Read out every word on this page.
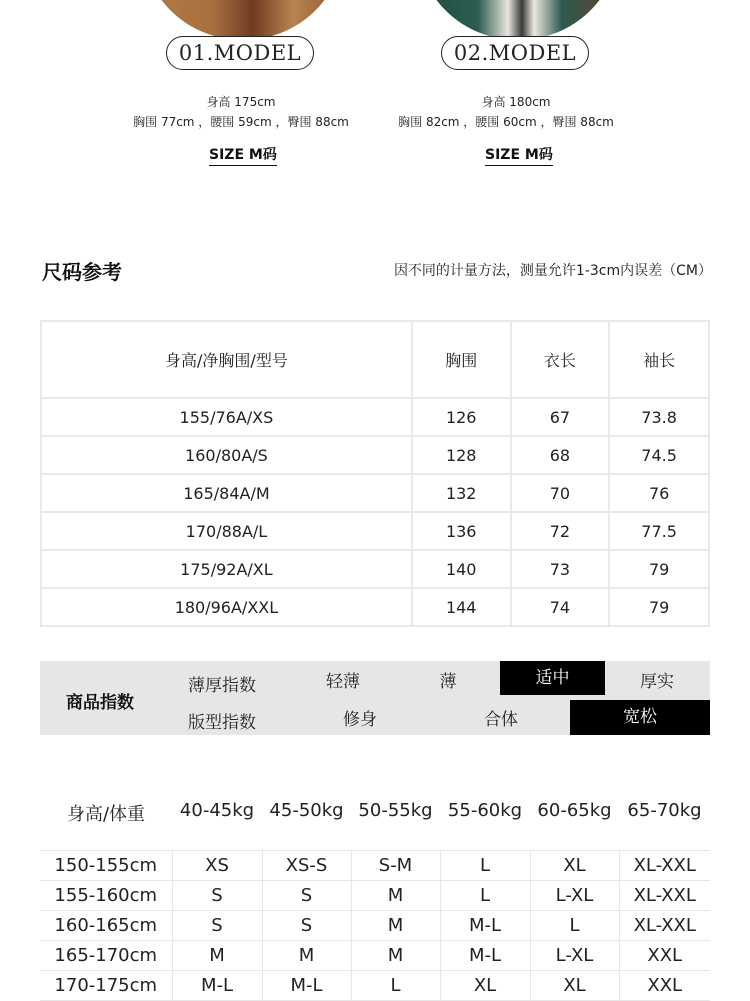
01.MODEL	02.MODEL
身高 175cm
胸围 77cm ，腰围 59cm ，臀围 88cm
身高 180cm
胸围 82cm ，腰围 60cm ，臀围 88cm
SIZE M码	SIZE M码
尺码参考	因不同的计量方法，测量允许1-3cm内误差（CM）
身高/净胸围/型号	胸围	衣长	袖长
155/76A/XS	126	67	73.8
160/80A/S	128	68	74.5
165/84A/M	132	70	76
170/88A/L	136	72	77.5
175/92A/XL	140	73	79
180/96A/XXL	144	74	79
商品指数
薄厚指数	轻薄	薄	适中	厚实
版型指数	修身	合体	宽松
身高/体重	40-45kg 45-50kg 50-55kg 55-60kg 60-65kg 65-70kg
150-155cm	XS	XS-S	S-M	L	XL	XL-XXL
155-160cm	S	S	M	L	L-XL	XL-XXL
160-165cm	S	S	M	M-L	L	XL-XXL
165-170cm	M	M	M	M-L	L-XL	XXL
170-175cm	M-L	M-L	L	XL	XL	XXL
